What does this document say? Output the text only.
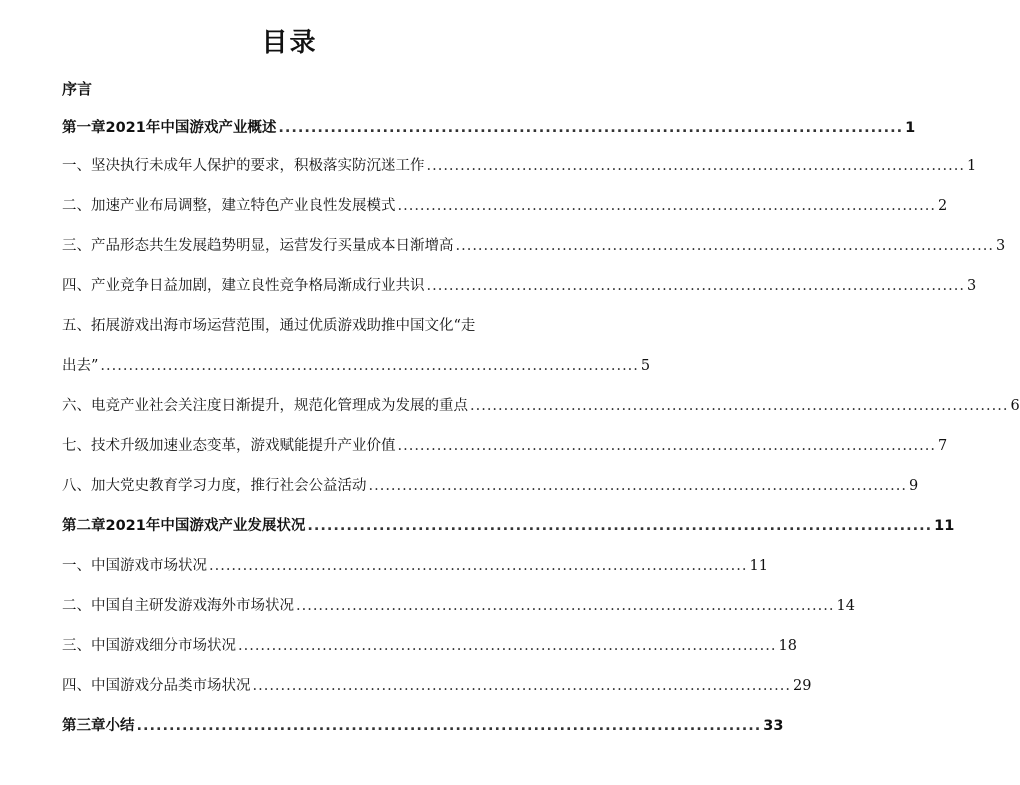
目录
序言
第一章2021年中国游戏产业概述 ................................................................................................ 1
一、坚决执行未成年人保护的要求，积极落实防沉迷工作 ................................................................................................ 1
二、加速产业布局调整，建立特色产业良性发展模式 ................................................................................................ 2
三、产品形态共生发展趋势明显，运营发行买量成本日渐增高 ................................................................................................ 3
四、产业竞争日益加剧，建立良性竞争格局渐成行业共识 ................................................................................................ 3
五、拓展游戏出海市场运营范围，通过优质游戏助推中国文化“走
出去” ................................................................................................ 5
六、电竞产业社会关注度日渐提升，规范化管理成为发展的重点 ................................................................................................ 6
七、技术升级加速业态变革，游戏赋能提升产业价值 ................................................................................................ 7
八、加大党史教育学习力度，推行社会公益活动 ................................................................................................ 9
第二章2021年中国游戏产业发展状况 ................................................................................................ 11
一、中国游戏市场状况 ................................................................................................ 11
二、中国自主研发游戏海外市场状况 ................................................................................................ 14
三、中国游戏细分市场状况 ................................................................................................ 18
四、中国游戏分品类市场状况 ................................................................................................ 29
第三章小结 ................................................................................................ 33
